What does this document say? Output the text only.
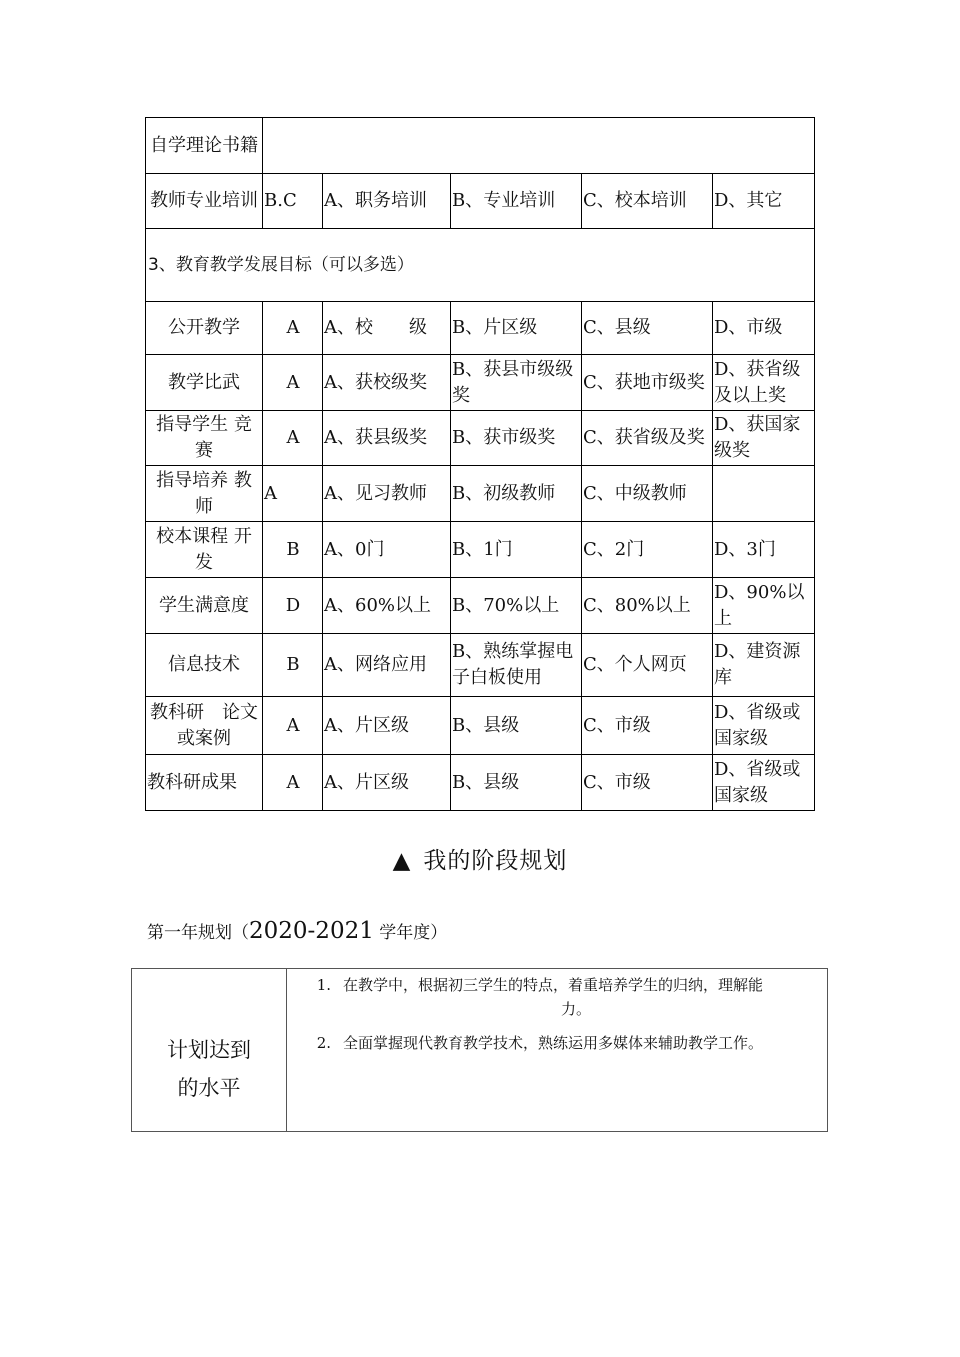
自学理论书籍					
教师专业培训	B.C	A、职务培训	B、专业培训	C、校本培训	D、其它
3、教育教学发展目标（可以多选）					
公开教学	A	A、校　　级	B、片区级	C、县级	D、市级
教学比武	A	A、获校级奖	B、获县市级级奖	C、获地市级奖	D、获省级及以上奖
指导学生 竞赛	A	A、获县级奖	B、获市级奖	C、获省级及奖	D、获国家级奖
指导培养 教师	A	A、见习教师	B、初级教师	C、中级教师	
校本课程 开发	B	A、0门	B、1门	C、2门	D、3门
学生满意度	D	A、60%以上	B、70%以上	C、80%以上	D、90%以上
信息技术	B	A、网络应用	B、熟练掌握电子白板使用	C、个人网页	D、建资源库
教科研　论文或案例	A	A、片区级	B、县级	C、市级	D、省级或国家级
教科研成果	A	A、片区级	B、县级	C、市级	D、省级或国家级
▲ 我的阶段规划
第一年规划（2020-2021 学年度）
计划达到
的水平

1. 在教学中，根据初三学生的特点，着重培养学生的归纳，理解能
力。
2. 全面掌握现代教育教学技术，熟练运用多媒体来辅助教学工作。
